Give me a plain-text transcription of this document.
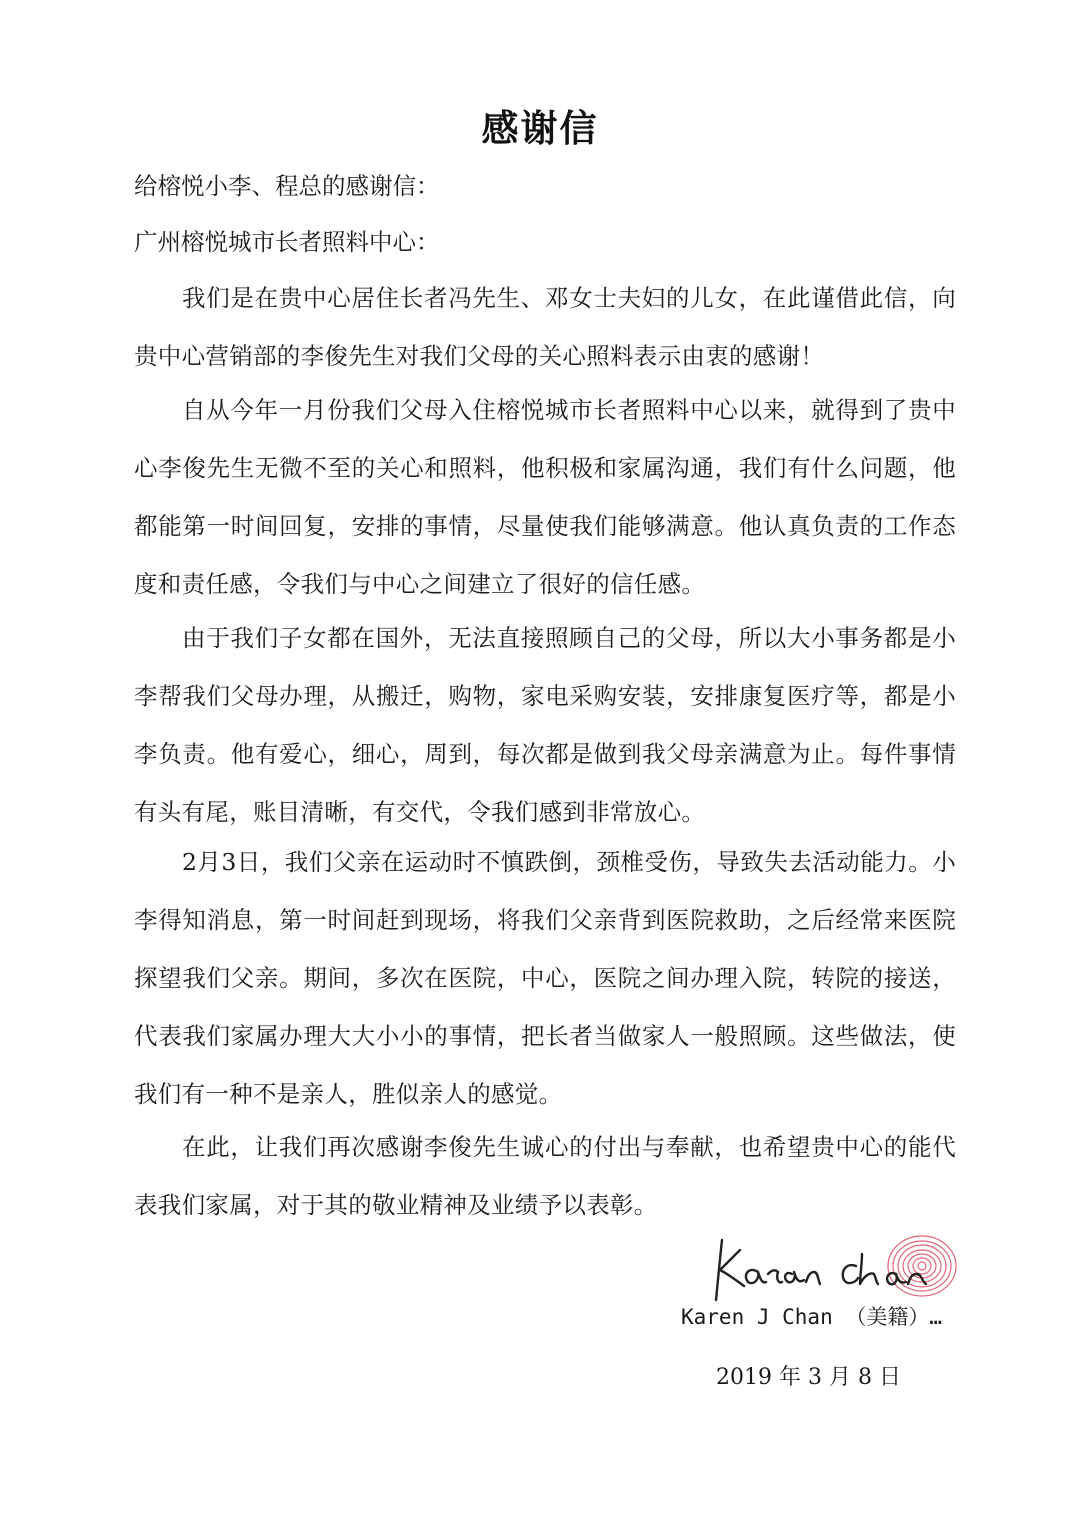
感谢信
给榕悦小李、程总的感谢信：
广州榕悦城市长者照料中心：

我们是在贵中心居住长者冯先生、邓女士夫妇的儿女，在此谨借此信，向贵中心营销部的李俊先生对我们父母的关心照料表示由衷的感谢！

自从今年一月份我们父母入住榕悦城市长者照料中心以来，就得到了贵中心李俊先生无微不至的关心和照料，他积极和家属沟通，我们有什么问题，他都能第一时间回复，安排的事情，尽量使我们能够满意。他认真负责的工作态度和责任感，令我们与中心之间建立了很好的信任感。

由于我们子女都在国外，无法直接照顾自己的父母，所以大小事务都是小李帮我们父母办理，从搬迁，购物，家电采购安装，安排康复医疗等，都是小李负责。他有爱心，细心，周到，每次都是做到我父母亲满意为止。每件事情有头有尾，账目清晰，有交代，令我们感到非常放心。

2月3日，我们父亲在运动时不慎跌倒，颈椎受伤，导致失去活动能力。小李得知消息，第一时间赶到现场，将我们父亲背到医院救助，之后经常来医院探望我们父亲。期间，多次在医院，中心，医院之间办理入院，转院的接送，代表我们家属办理大大小小的事情，把长者当做家人一般照顾。这些做法，使我们有一种不是亲人，胜似亲人的感觉。

在此，让我们再次感谢李俊先生诚心的付出与奉献，也希望贵中心的能代表我们家属，对于其的敬业精神及业绩予以表彰。

Karen J Chan （美籍）…
2019 年 3 月 8 日
